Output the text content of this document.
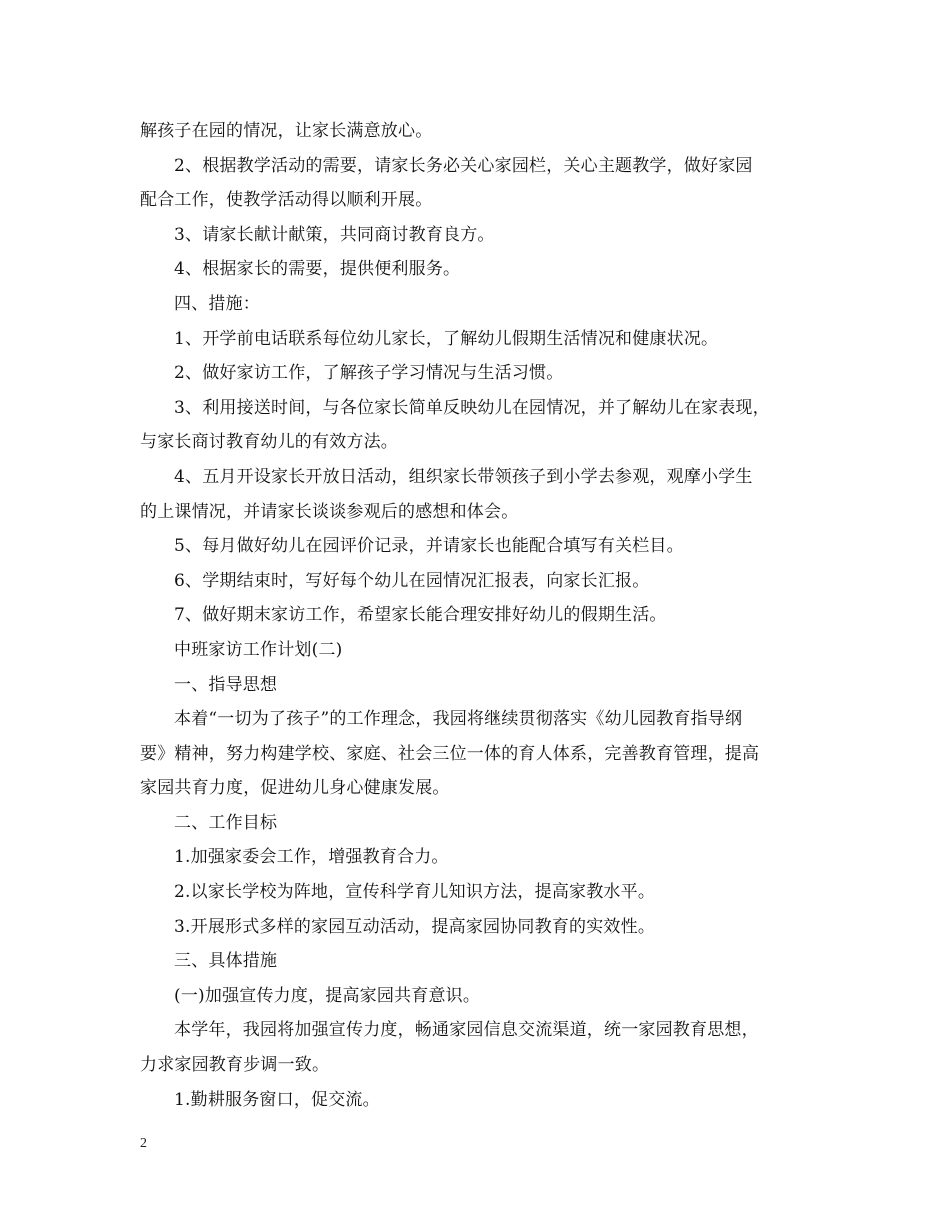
解孩子在园的情况，让家长满意放心。
2、根据教学活动的需要，请家长务必关心家园栏，关心主题教学，做好家园
配合工作，使教学活动得以顺利开展。
3、请家长献计献策，共同商讨教育良方。
4、根据家长的需要，提供便利服务。
四、措施：
1、开学前电话联系每位幼儿家长，了解幼儿假期生活情况和健康状况。
2、做好家访工作，了解孩子学习情况与生活习惯。
3、利用接送时间，与各位家长简单反映幼儿在园情况，并了解幼儿在家表现，
与家长商讨教育幼儿的有效方法。
4、五月开设家长开放日活动，组织家长带领孩子到小学去参观，观摩小学生
的上课情况，并请家长谈谈参观后的感想和体会。
5、每月做好幼儿在园评价记录，并请家长也能配合填写有关栏目。
6、学期结束时，写好每个幼儿在园情况汇报表，向家长汇报。
7、做好期末家访工作，希望家长能合理安排好幼儿的假期生活。
中班家访工作计划(二)
一、指导思想
本着“一切为了孩子”的工作理念，我园将继续贯彻落实《幼儿园教育指导纲
要》精神，努力构建学校、家庭、社会三位一体的育人体系，完善教育管理，提高
家园共育力度，促进幼儿身心健康发展。
二、工作目标
1.加强家委会工作，增强教育合力。
2.以家长学校为阵地，宣传科学育儿知识方法，提高家教水平。
3.开展形式多样的家园互动活动，提高家园协同教育的实效性。
三、具体措施
(一)加强宣传力度，提高家园共育意识。
本学年，我园将加强宣传力度，畅通家园信息交流渠道，统一家园教育思想，
力求家园教育步调一致。
1.勤耕服务窗口，促交流。
2
